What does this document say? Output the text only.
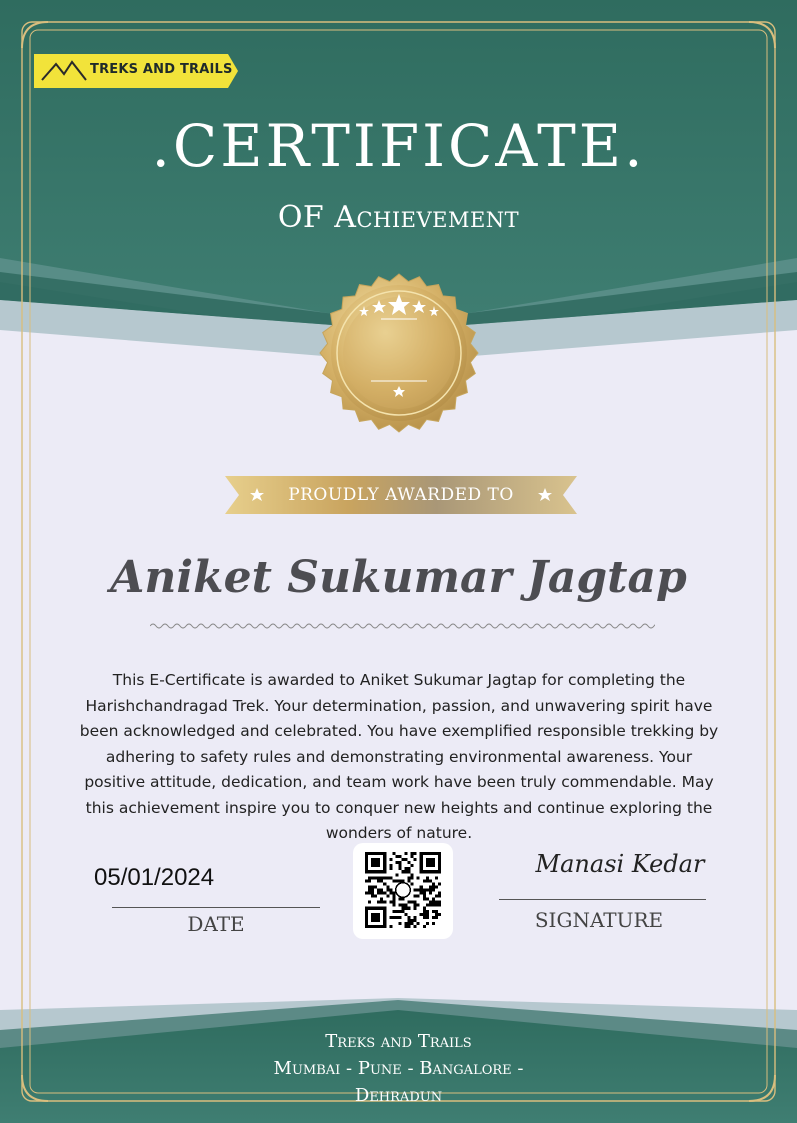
TREKS AND TRAILS
.CERTIFICATE.
OF Achievement
PROUDLY AWARDED TO
Aniket Sukumar Jagtap
This E-Certificate is awarded to Aniket Sukumar Jagtap for completing the
Harishchandragad Trek. Your determination, passion, and unwavering spirit have
been acknowledged and celebrated. You have exemplified responsible trekking by
adhering to safety rules and demonstrating environmental awareness. Your
positive attitude, dedication, and team work have been truly commendable. May
this achievement inspire you to conquer new heights and continue exploring the
wonders of nature.
05/01/2024
DATE
Manasi Kedar
SIGNATURE
Treks and Trails
Mumbai - Pune - Bangalore -
Dehradun
